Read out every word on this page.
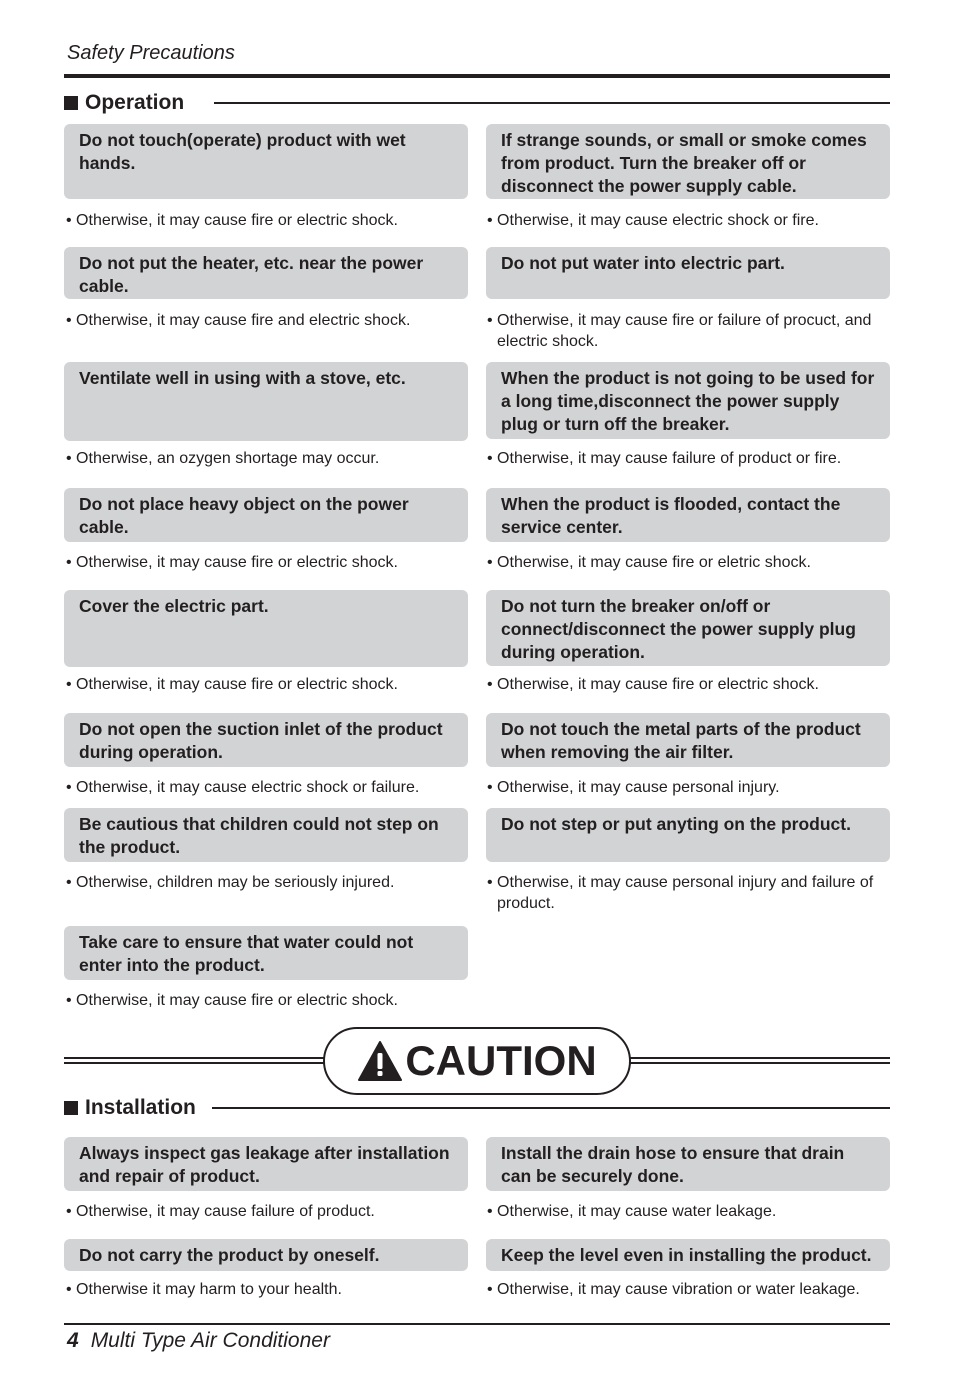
Safety Precautions
Operation
Do not touch(operate) product with wet hands.
If strange sounds, or small or smoke comes from product. Turn the breaker off or disconnect the power supply cable.
• Otherwise, it may cause fire or electric shock.	• Otherwise, it may cause electric shock or fire.
Do not put the heater, etc. near the power cable.
Do not put water into electric part.
• Otherwise, it may cause fire and electric shock.	• Otherwise, it may cause fire or failure of procuct, and electric shock.
Ventilate well in using with a stove, etc.	When the product is not going to be used for a long time,disconnect the power supply plug or turn off the breaker.
• Otherwise, an ozygen shortage may occur.	• Otherwise, it may cause failure of product or fire.
Do not place heavy object on the power cable.
When the product is flooded, contact the service center.
• Otherwise, it may cause fire or electric shock.	• Otherwise, it may cause fire or eletric shock.
Cover the electric part.	Do not turn the breaker on/off or connect/disconnect the power supply plug during operation.
• Otherwise, it may cause fire or electric shock.	• Otherwise, it may cause fire or electric shock.
Do not open the suction inlet of the product during operation.
Do not touch the metal parts of the product when removing the air filter.
• Otherwise, it may cause electric shock or failure.	• Otherwise, it may cause personal injury.
Be cautious that children could not step on the product.
Do not step or put anyting on the product.
• Otherwise, children may be seriously injured.	• Otherwise, it may cause personal injury and failure of product.
Take care to ensure that water could not enter into the product.
• Otherwise, it may cause fire or electric shock.
CAUTION
Installation
Always inspect gas leakage after installation and repair of product.
Install the drain hose to ensure that drain can be securely done.
• Otherwise, it may cause failure of product.	• Otherwise, it may cause water leakage.
Do not carry the product by oneself.	Keep the level even in installing the product.
• Otherwise it may harm to your health.	• Otherwise, it may cause vibration or water leakage.
4 Multi Type Air Conditioner
